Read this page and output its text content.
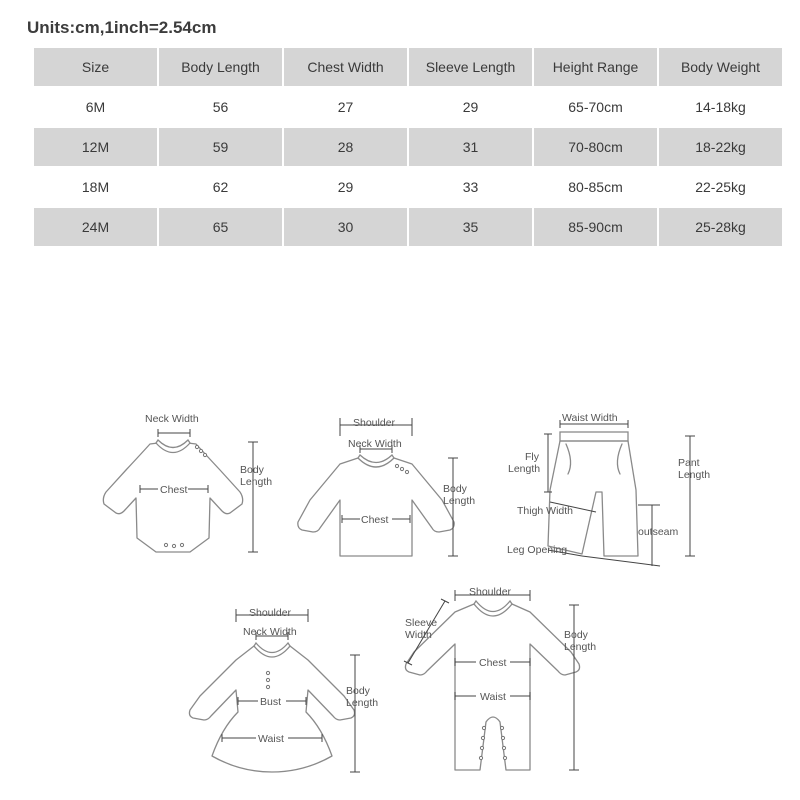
Units:cm,1inch=2.54cm
Size	Body Length	Chest Width	Sleeve Length	Height Range	Body Weight
6M	56	27	29	65-70cm	14-18kg
12M	59	28	31	70-80cm	18-22kg
18M	62	29	33	80-85cm	22-25kg
24M	65	30	35	85-90cm	25-28kg
Neck Width
Chest
Body
Length
Shoulder
Neck Width
Chest
Body
Length
Waist Width
Fly
Length
Thigh Width
Leg Opening
outseam
Pant
Length
Shoulder
Neck Width
Bust
Waist
Body
Length
Sleeve
Width
Shoulder
Chest
Waist
Body
Length
